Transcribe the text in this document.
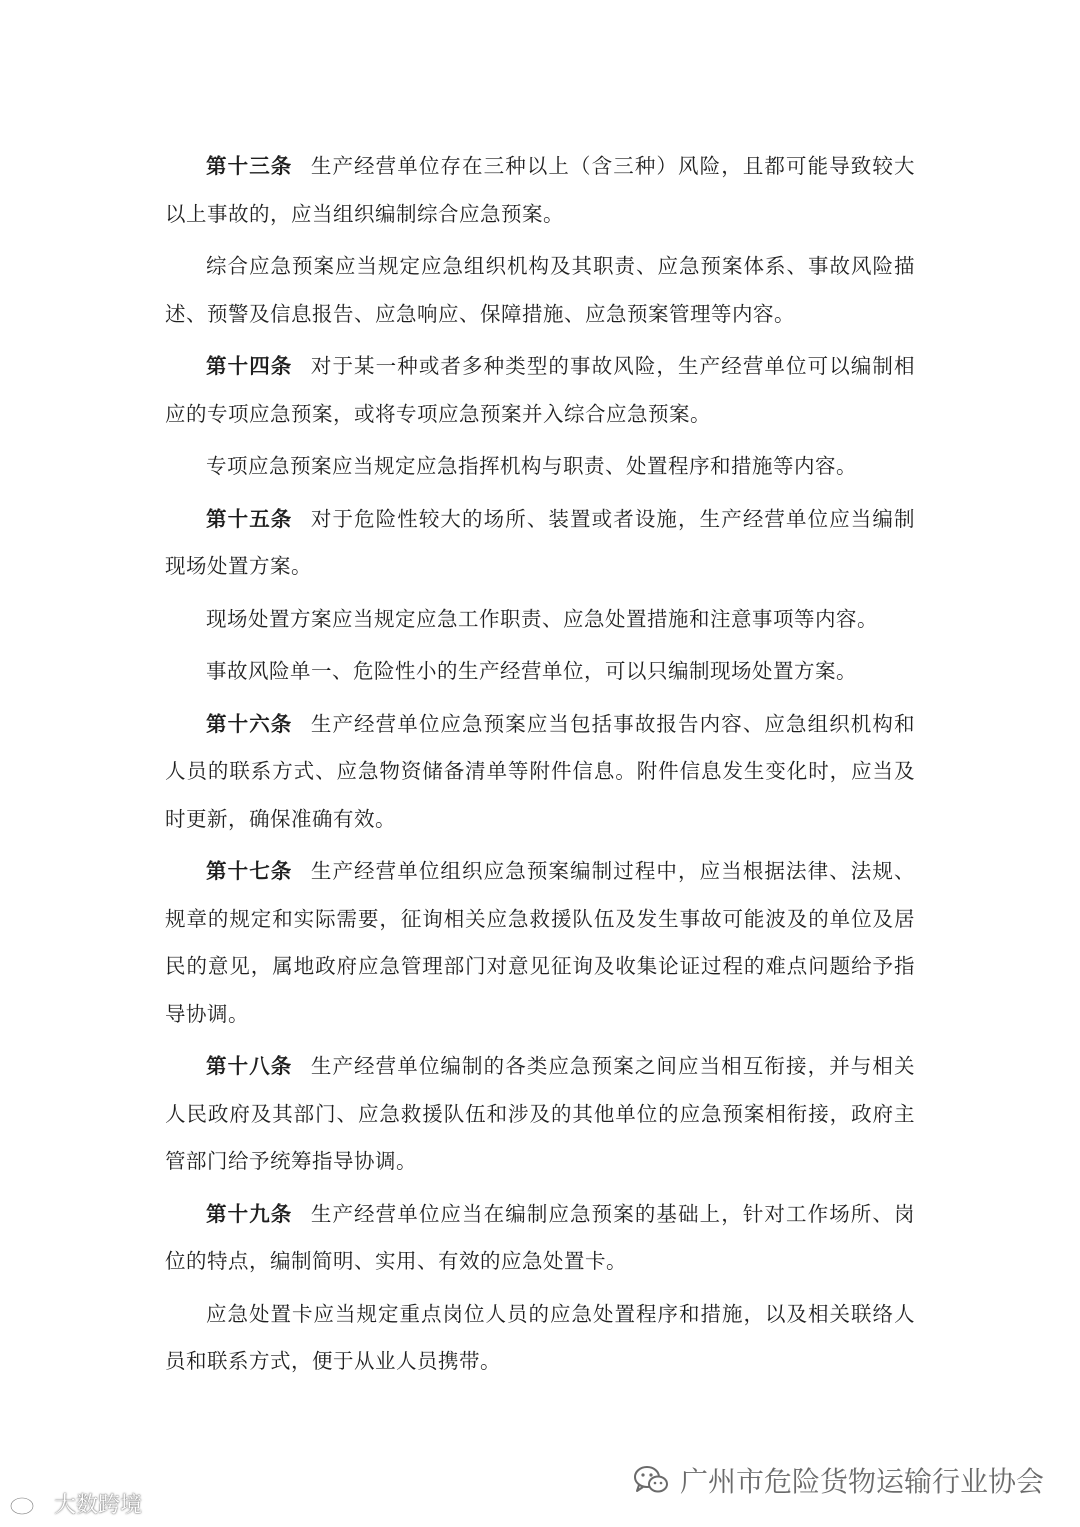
第十三条 生产经营单位存在三种以上（含三种）风险，且都可能导致较大以上事故的，应当组织编制综合应急预案。

综合应急预案应当规定应急组织机构及其职责、应急预案体系、事故风险描述、预警及信息报告、应急响应、保障措施、应急预案管理等内容。

第十四条 对于某一种或者多种类型的事故风险，生产经营单位可以编制相应的专项应急预案，或将专项应急预案并入综合应急预案。

专项应急预案应当规定应急指挥机构与职责、处置程序和措施等内容。

第十五条 对于危险性较大的场所、装置或者设施，生产经营单位应当编制现场处置方案。

现场处置方案应当规定应急工作职责、应急处置措施和注意事项等内容。

事故风险单一、危险性小的生产经营单位，可以只编制现场处置方案。

第十六条 生产经营单位应急预案应当包括事故报告内容、应急组织机构和人员的联系方式、应急物资储备清单等附件信息。附件信息发生变化时，应当及时更新，确保准确有效。

第十七条 生产经营单位组织应急预案编制过程中，应当根据法律、法规、规章的规定和实际需要，征询相关应急救援队伍及发生事故可能波及的单位及居民的意见，属地政府应急管理部门对意见征询及收集论证过程的难点问题给予指导协调。

第十八条 生产经营单位编制的各类应急预案之间应当相互衔接，并与相关人民政府及其部门、应急救援队伍和涉及的其他单位的应急预案相衔接，政府主管部门给予统筹指导协调。

第十九条 生产经营单位应当在编制应急预案的基础上，针对工作场所、岗位的特点，编制简明、实用、有效的应急处置卡。

应急处置卡应当规定重点岗位人员的应急处置程序和措施，以及相关联络人员和联系方式，便于从业人员携带。

大数跨境
广州市危险货物运输行业协会
